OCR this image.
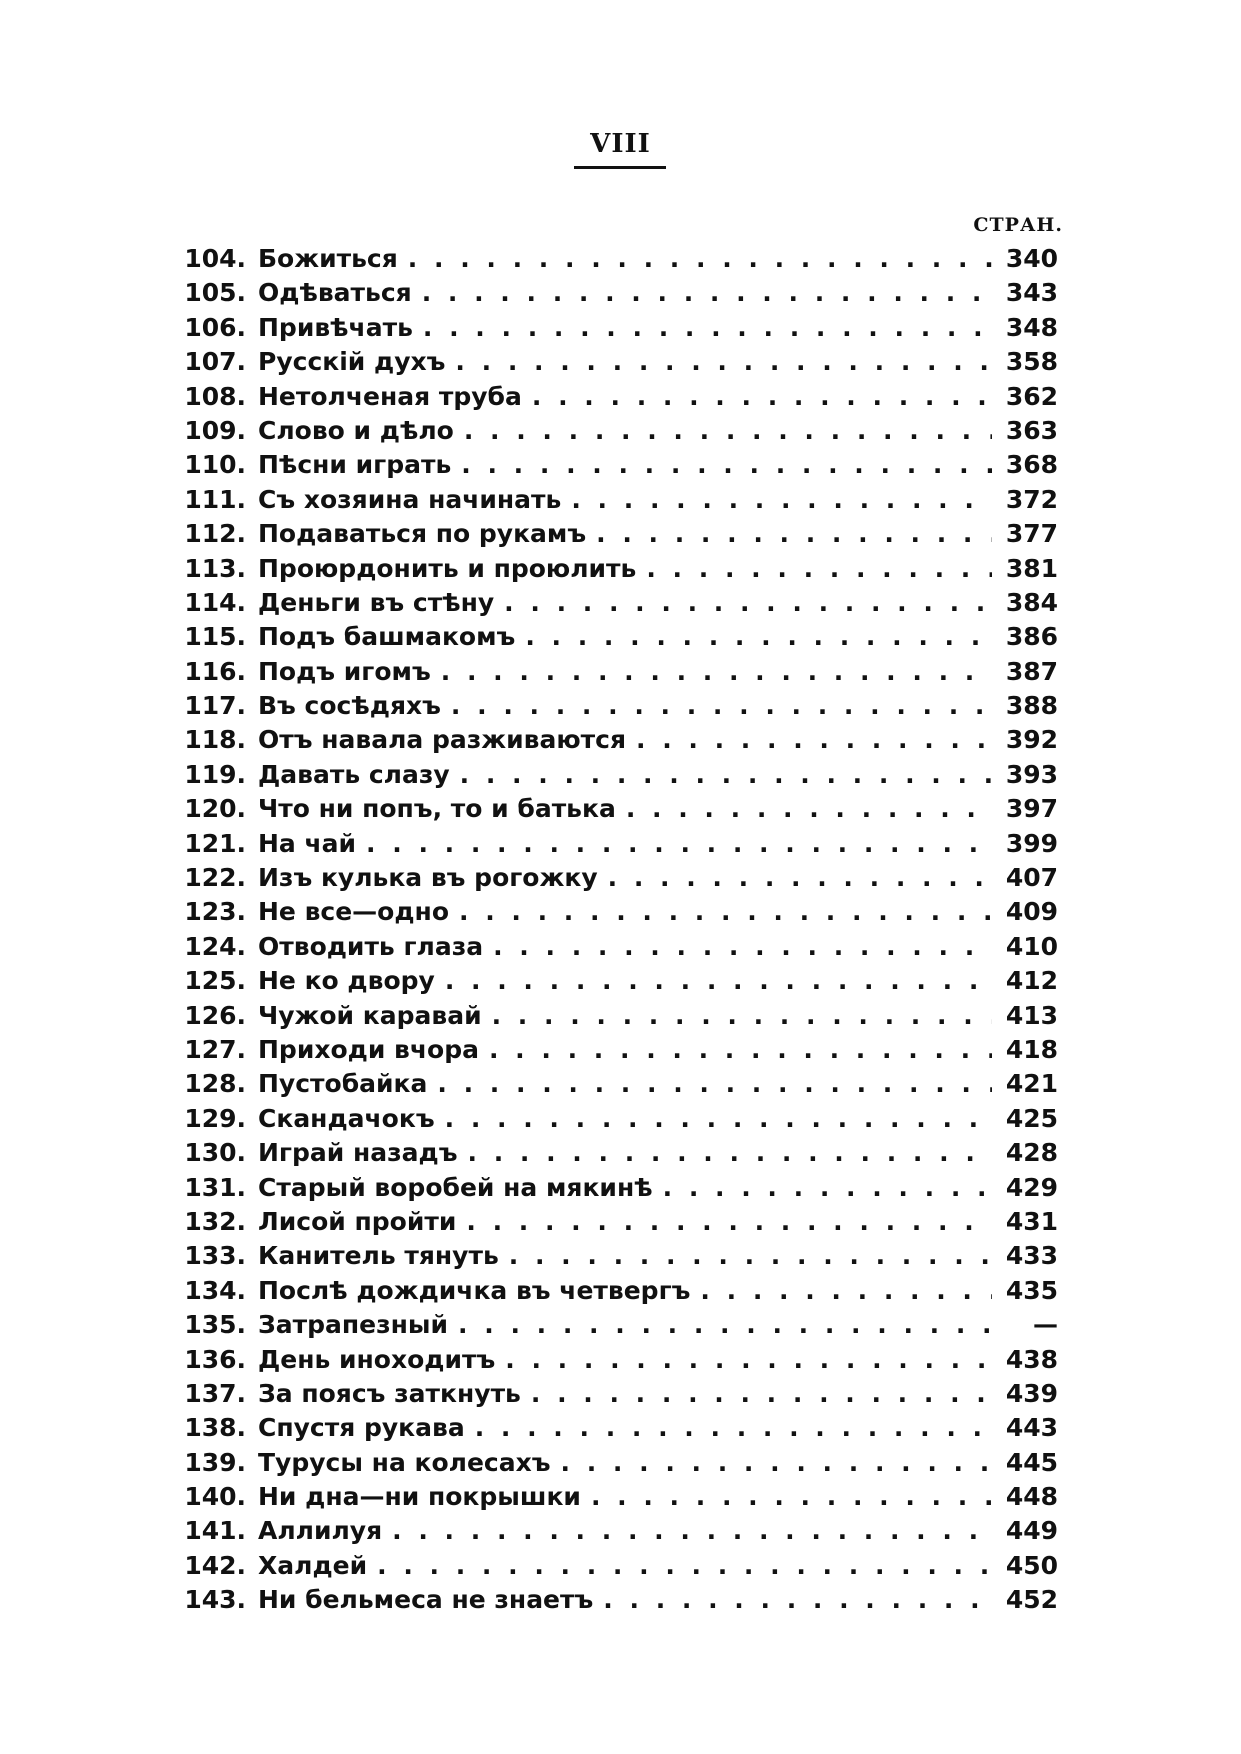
VIII
СТРАН.
104. Божиться . . .	340
105. Одѣваться . . .	343
106. Привѣчать . . .	348
107. Русскій духъ . . .	358
108. Нетолченая труба . . .	362
109. Слово и дѣло . . .	363
110. Пѣсни играть . . .	368
111. Съ хозяина начинать . . .	372
112. Подаваться по рукамъ . . .	377
113. Проюрдонить и проюлить . . .	381
114. Деньги въ стѣну . . .	384
115. Подъ башмакомъ . . .	386
116. Подъ игомъ . . .	387
117. Въ сосѣдяхъ . . .	388
118. Отъ навала разживаются . . .	392
119. Давать слазу . . .	393
120. Что ни попъ, то и батька . . .	397
121. На чай . . .	399
122. Изъ кулька въ рогожку . . .	407
123. Не все—одно . . .	409
124. Отводить глаза . . .	410
125. Не ко двору . . .	412
126. Чужой каравай . . .	413
127. Приходи вчора . . .	418
128. Пустобайка . . .	421
129. Скандачокъ . . .	425
130. Играй назадъ . . .	428
131. Старый воробей на мякинѣ . . .	429
132. Лисой пройти . . .	431
133. Канитель тянуть . . .	433
134. Послѣ дождичка въ четвергъ . . .	435
135. Затрапезный . . .	—
136. День иноходитъ . . .	438
137. За поясъ заткнуть . . .	439
138. Спустя рукава . . .	443
139. Турусы на колесахъ . . .	445
140. Ни дна—ни покрышки . . .	448
141. Аллилуя . . .	449
142. Халдей . . .	450
143. Ни бельмеса не знаетъ . . .	452
